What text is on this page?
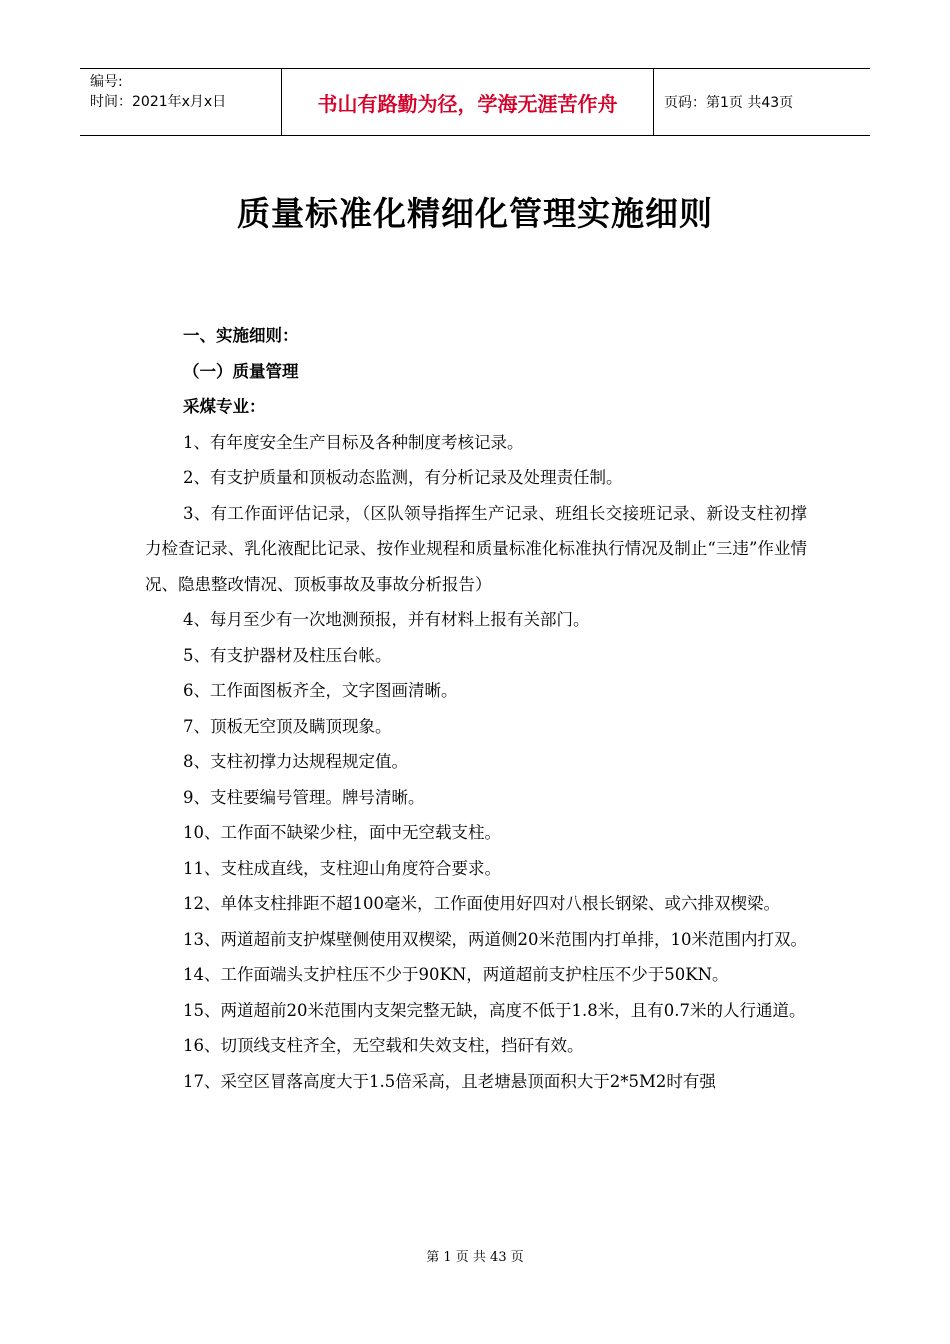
编号:
时间：2021年x月x日	书山有路勤为径，学海无涯苦作舟	页码：第1页 共43页
质量标准化精细化管理实施细则

一、实施细则：

（一）质量管理

采煤专业：

1、有年度安全生产目标及各种制度考核记录。

2、有支护质量和顶板动态监测，有分析记录及处理责任制。

3、有工作面评估记录，（区队领导指挥生产记录、班组长交接班记录、新设支柱初撑力检查记录、乳化液配比记录、按作业规程和质量标准化标准执行情况及制止“三违”作业情况、隐患整改情况、顶板事故及事故分析报告）

4、每月至少有一次地测预报，并有材料上报有关部门。

5、有支护器材及柱压台帐。

6、工作面图板齐全，文字图画清晰。

7、顶板无空顶及瞒顶现象。

8、支柱初撑力达规程规定值。

9、支柱要编号管理。牌号清晰。

10、工作面不缺梁少柱，面中无空载支柱。

11、支柱成直线，支柱迎山角度符合要求。

12、单体支柱排距不超100毫米，工作面使用好四对八根长钢梁、或六排双楔梁。

13、两道超前支护煤壁侧使用双楔梁，两道侧20米范围内打单排，10米范围内打双。

14、工作面端头支护柱压不少于90KN，两道超前支护柱压不少于50KN。

15、两道超前20米范围内支架完整无缺，高度不低于1.8米，且有0.7米的人行通道。

16、切顶线支柱齐全，无空载和失效支柱，挡矸有效。

17、采空区冒落高度大于1.5倍采高，且老塘悬顶面积大于2*5M2时有强

第 1 页 共 43 页
